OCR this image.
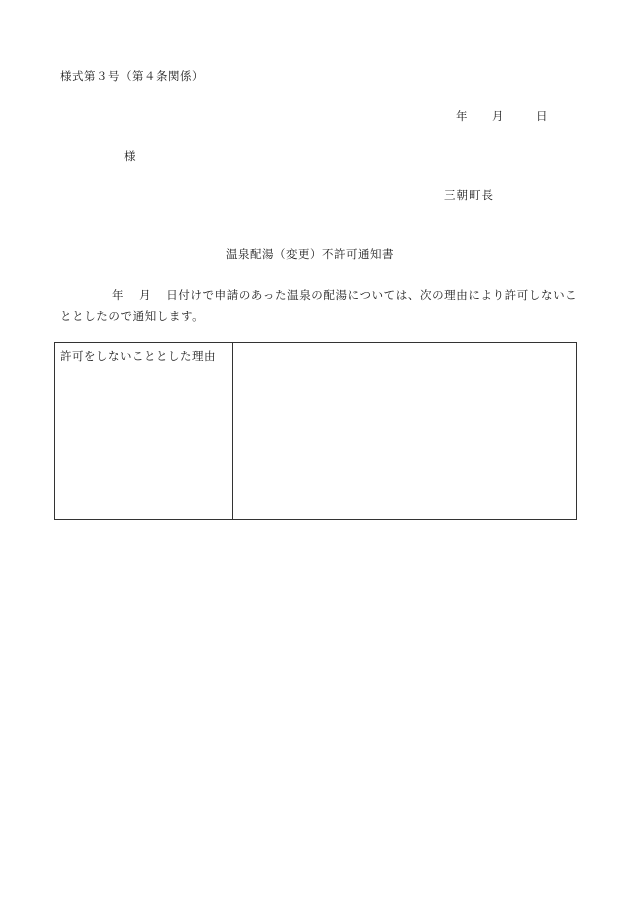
様式第３号（第４条関係）
年 月	日
様
三朝町長
温泉配湯（変更）不許可通知書
年 月 日付けで申請のあった温泉の配湯については、次の理由により許可しないこととしたので通知します。
許可をしないこととした理由
